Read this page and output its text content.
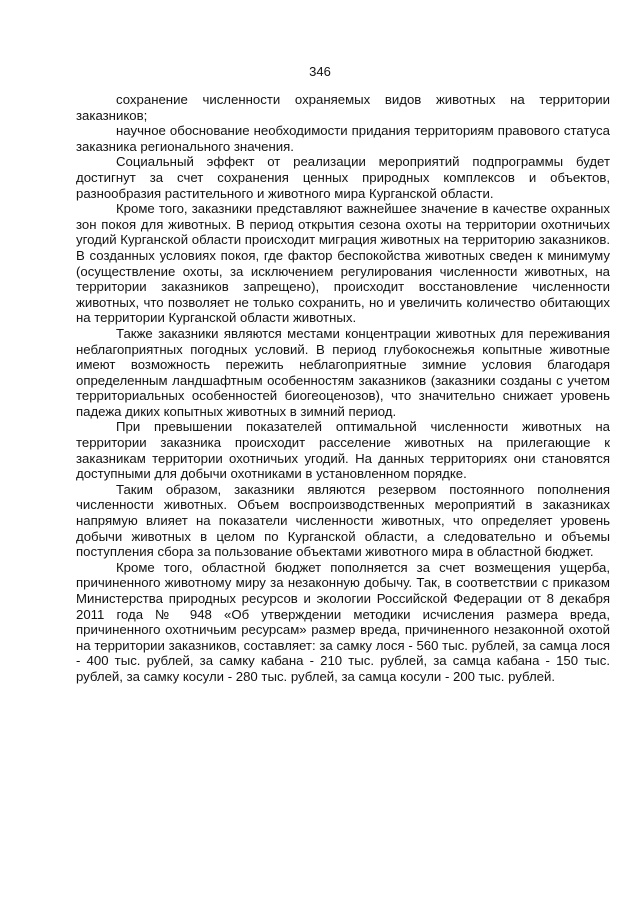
346

сохранение численности охраняемых видов животных на территории заказников;

научное обоснование необходимости придания территориям правового статуса заказника регионального значения.

Социальный эффект от реализации мероприятий подпрограммы будет достигнут за счет сохранения ценных природных комплексов и объектов, разнообразия растительного и животного мира Курганской области.

Кроме того, заказники представляют важнейшее значение в качестве охранных зон покоя для животных. В период открытия сезона охоты на территории охотничьих угодий Курганской области происходит миграция животных на территорию заказников. В созданных условиях покоя, где фактор беспокойства животных сведен к минимуму (осуществление охоты, за исключением регулирования численности животных, на территории заказников запрещено), происходит восстановление численности животных, что позволяет не только сохранить, но и увеличить количество обитающих на территории Курганской области животных.

Также заказники являются местами концентрации животных для переживания неблагоприятных погодных условий. В период глубокоснежья копытные животные имеют возможность пережить неблагоприятные зимние условия благодаря определенным ландшафтным особенностям заказников (заказники созданы с учетом территориальных особенностей биогеоценозов), что значительно снижает уровень падежа диких копытных животных в зимний период.

При превышении показателей оптимальной численности животных на территории заказника происходит расселение животных на прилегающие к заказникам территории охотничьих угодий. На данных территориях они становятся доступными для добычи охотниками в установленном порядке.

Таким образом, заказники являются резервом постоянного пополнения численности животных. Объем воспроизводственных мероприятий в заказниках напрямую влияет на показатели численности животных, что определяет уровень добычи животных в целом по Курганской области, а следовательно и объемы поступления сбора за пользование объектами животного мира в областной бюджет.

Кроме того, областной бюджет пополняется за счет возмещения ущерба, причиненного животному миру за незаконную добычу. Так, в соответствии с приказом Министерства природных ресурсов и экологии Российской Федерации от 8 декабря 2011 года № 948 «Об утверждении методики исчисления размера вреда, причиненного охотничьим ресурсам» размер вреда, причиненного незаконной охотой на территории заказников, составляет: за самку лося - 560 тыс. рублей, за самца лося - 400 тыс. рублей, за самку кабана - 210 тыс. рублей, за самца кабана - 150 тыс. рублей, за самку косули - 280 тыс. рублей, за самца косули - 200 тыс. рублей.
